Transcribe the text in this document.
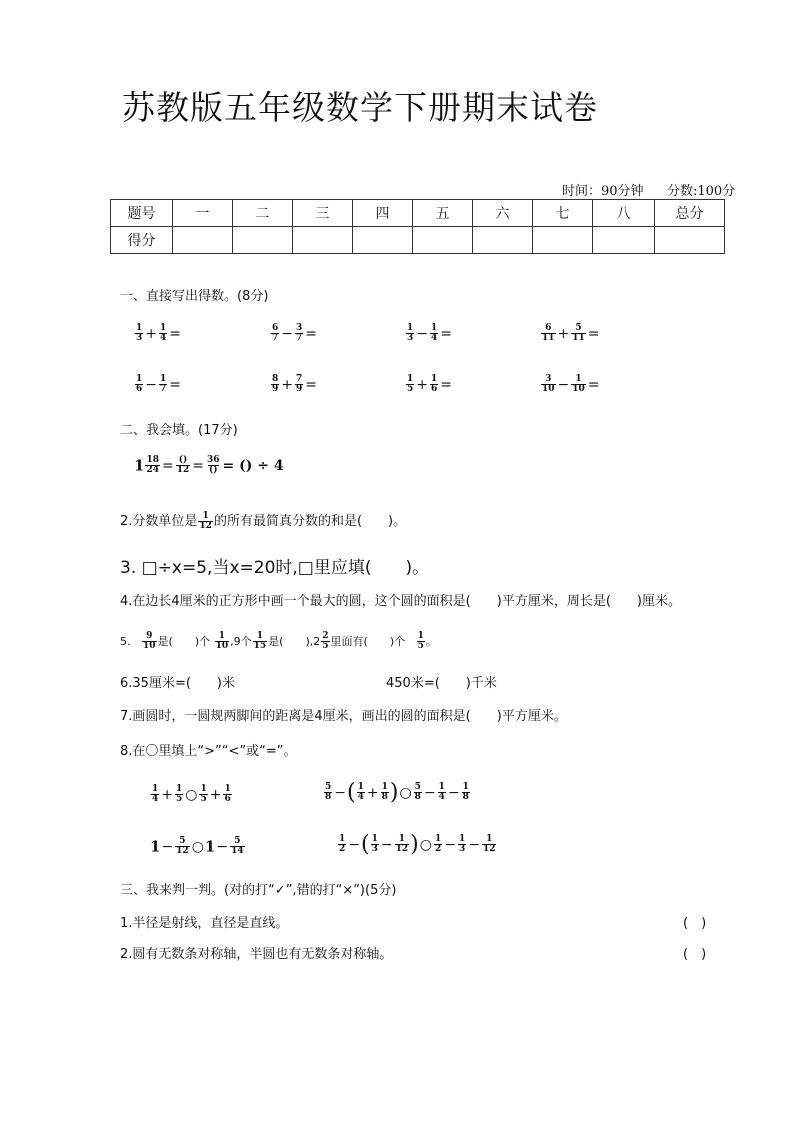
苏教版五年级数学下册期末试卷
时间：90分钟 分数:100分
题号	一	二	三	四	五	六	七	八	总分
得分									
一、直接写出得数。(8分)
$\frac{1}{3} + \frac{1}{4}$ =	$\frac{6}{7} - \frac{3}{7}$ =	$\frac{1}{3} - \frac{1}{4}$ =	$\frac{6}{11} + \frac{5}{11}$ =
$\frac{1}{6} - \frac{1}{7}$ =	$\frac{8}{9} + \frac{7}{9}$ =	$\frac{1}{5} + \frac{1}{6}$ =	$\frac{3}{10} - \frac{1}{10}$ =
二、我会填。(17分)
$1 \frac{18}{24} = \frac{()}{12} = \frac{36}{()}$ = () ÷ 4
2.分数单位是 $\frac{1}{12}$ 的所有最简真分数的和是(　　)。
3. □÷x=5,当x=20时,□里应填(　　)。
4.在边长4厘米的正方形中画一个最大的圆，这个圆的面积是(　　)平方厘米，周长是(　　)厘米。
5. $\frac{9}{10}$ 是(　　)个 $\frac{1}{10} ,9$个 $\frac{1}{15}$ 是(　　)$,2 \frac{2}{5}$ 里面有(　　)个 $\frac{1}{5}$ 。
6.35厘米=(　　)米	450米=(　　)千米
7.画圆时，一圆规两脚间的距离是4厘米，画出的圆的面积是(　　)平方厘米。
8.在〇里填上“>”“<”或“=”。
$\frac{1}{4} + \frac{1}{5}$ ○ $\frac{1}{5} + \frac{1}{6}$	$\frac{5}{8}$ −( $\frac{1}{4} + \frac{1}{8}$ )○ $\frac{5}{8} - \frac{1}{4} - \frac{1}{8}$
$1- \frac{5}{12}$ ○1− $\frac{5}{14}$	$\frac{1}{2}$ −( $\frac{1}{3} - \frac{1}{12}$ )○ $\frac{1}{2} - \frac{1}{3} - \frac{1}{12}$
三、我来判一判。(对的打“✓”,错的打“×”)(5分)
1.半径是射线，直径是直线。	(　)
2.圆有无数条对称轴，半圆也有无数条对称轴。	(　)
